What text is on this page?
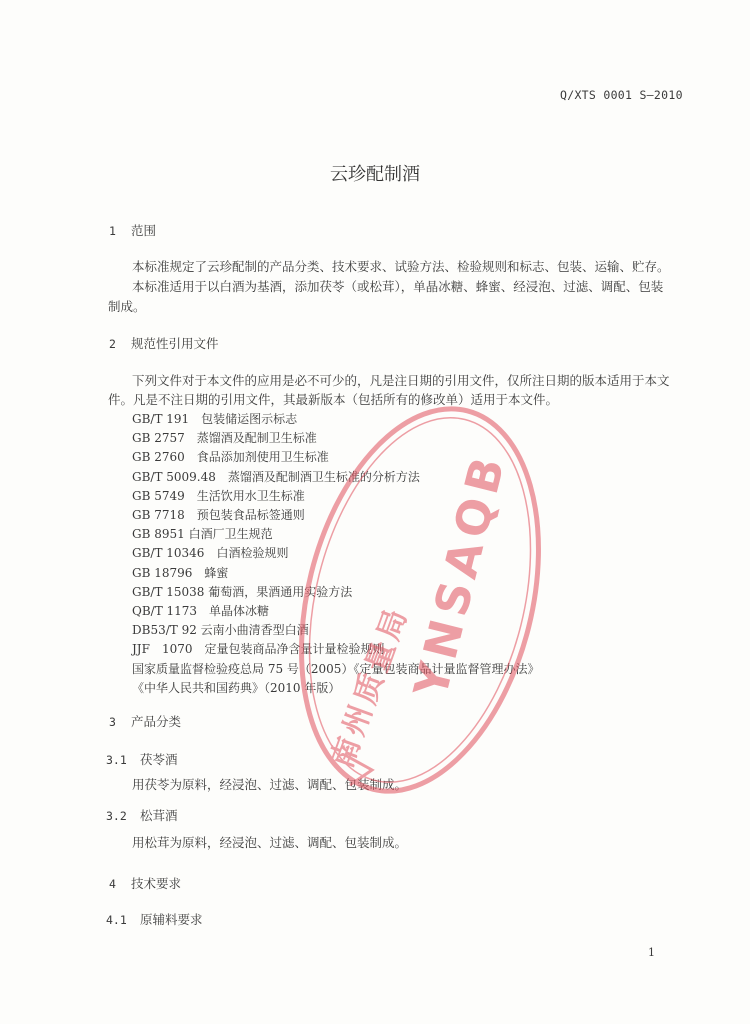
Q/XTS 0001 S—2010
云珍配制酒
1 范围
本标准规定了云珍配制的产品分类、技术要求、试验方法、检验规则和标志、包装、运输、贮存。
本标准适用于以白酒为基酒，添加茯苓（或松茸），单晶冰糖、蜂蜜、经浸泡、过滤、调配、包装
制成。
2 规范性引用文件
下列文件对于本文件的应用是必不可少的，凡是注日期的引用文件，仅所注日期的版本适用于本文
件。凡是不注日期的引用文件，其最新版本（包括所有的修改单）适用于本文件。
GB/T 191　包装储运图示标志
GB 2757　蒸馏酒及配制卫生标准
GB 2760　食品添加剂使用卫生标准
GB/T 5009.48　蒸馏酒及配制酒卫生标准的分析方法
GB 5749　生活饮用水卫生标准
GB 7718　预包装食品标签通则
GB 8951 白酒厂卫生规范
GB/T 10346　白酒检验规则
GB 18796　蜂蜜
GB/T 15038 葡萄酒，果酒通用实验方法
QB/T 1173　单晶体冰糖
DB53/T 92 云南小曲清香型白酒
JJF　1070　定量包装商品净含量计量检验规则
国家质量监督检验疫总局 75 号（2005）《定量包装商品计量监督管理办法》
《中华人民共和国药典》（2010 年版）
3 产品分类
3.1 茯苓酒
用茯苓为原料，经浸泡、过滤、调配、包装制成。
3.2 松茸酒
用松茸为原料，经浸泡、过滤、调配、包装制成。
4 技术要求
4.1 原辅料要求
1
YNSAQB
南州质量局
